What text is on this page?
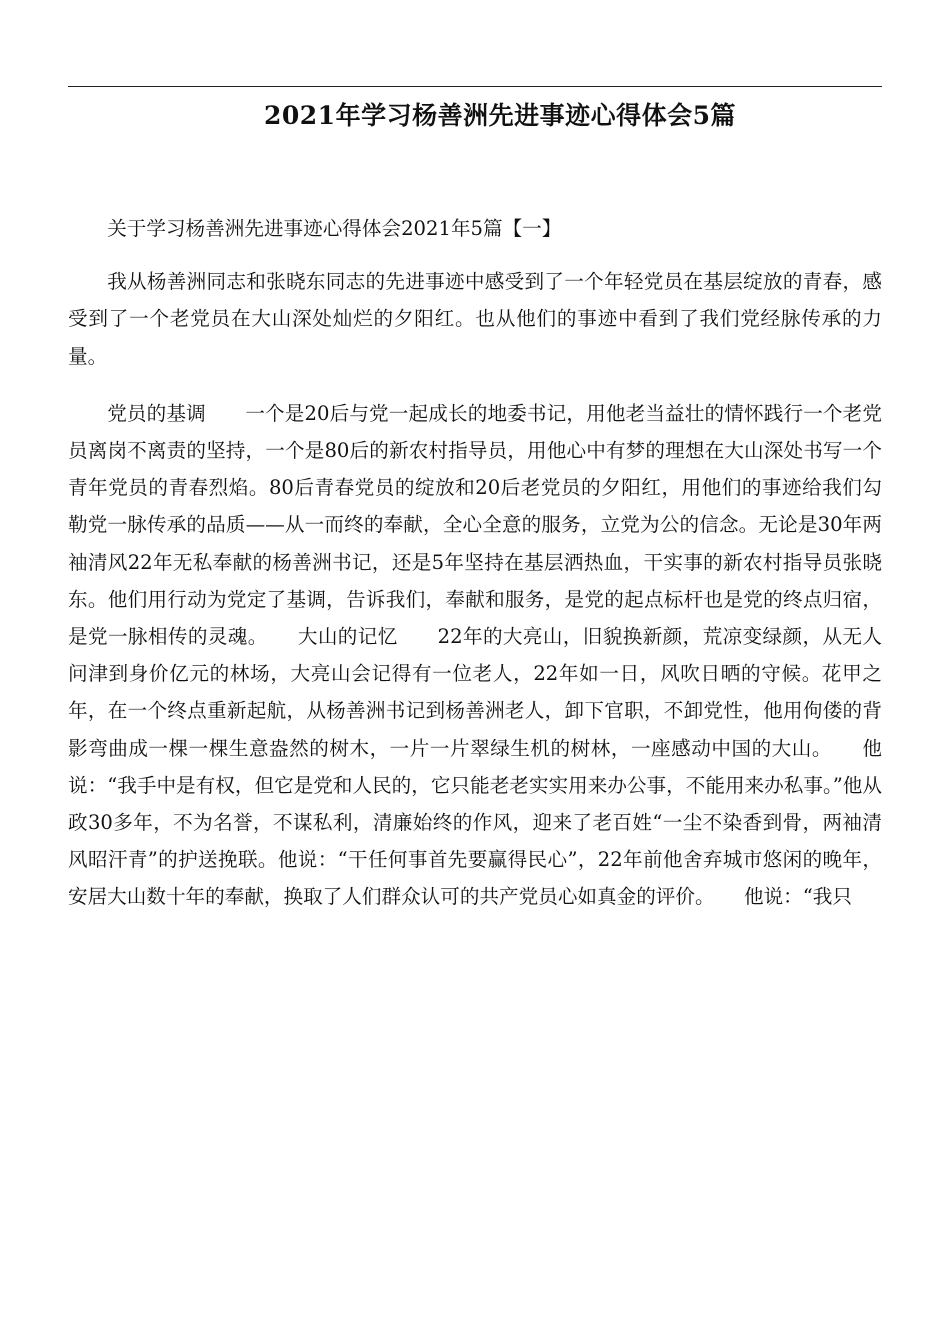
2021年学习杨善洲先进事迹心得体会5篇

关于学习杨善洲先进事迹心得体会2021年5篇【一】

我从杨善洲同志和张晓东同志的先进事迹中感受到了一个年轻党员在基层绽放的青春，感受到了一个老党员在大山深处灿烂的夕阳红。也从他们的事迹中看到了我们党经脉传承的力量。

党员的基调　　一个是20后与党一起成长的地委书记，用他老当益壮的情怀践行一个老党员离岗不离责的坚持，一个是80后的新农村指导员，用他心中有梦的理想在大山深处书写一个青年党员的青春烈焰。80后青春党员的绽放和20后老党员的夕阳红，用他们的事迹给我们勾勒党一脉传承的品质——从一而终的奉献，全心全意的服务，立党为公的信念。无论是30年两袖清风22年无私奉献的杨善洲书记，还是5年坚持在基层洒热血，干实事的新农村指导员张晓东。他们用行动为党定了基调，告诉我们，奉献和服务，是党的起点标杆也是党的终点归宿，是党一脉相传的灵魂。　　大山的记忆　　22年的大亮山，旧貌换新颜，荒凉变绿颜，从无人问津到身价亿元的林场，大亮山会记得有一位老人，22年如一日，风吹日晒的守候。花甲之年，在一个终点重新起航，从杨善洲书记到杨善洲老人，卸下官职，不卸党性，他用佝偻的背影弯曲成一棵一棵生意盎然的树木，一片一片翠绿生机的树林，一座感动中国的大山。　　他说：“我手中是有权，但它是党和人民的，它只能老老实实用来办公事，不能用来办私事。”他从政30多年，不为名誉，不谋私利，清廉始终的作风，迎来了老百姓“一尘不染香到骨，两袖清风昭汗青”的护送挽联。他说：“干任何事首先要赢得民心”，22年前他舍弃城市悠闲的晚年，安居大山数十年的奉献，换取了人们群众认可的共产党员心如真金的评价。　　他说：“我只
